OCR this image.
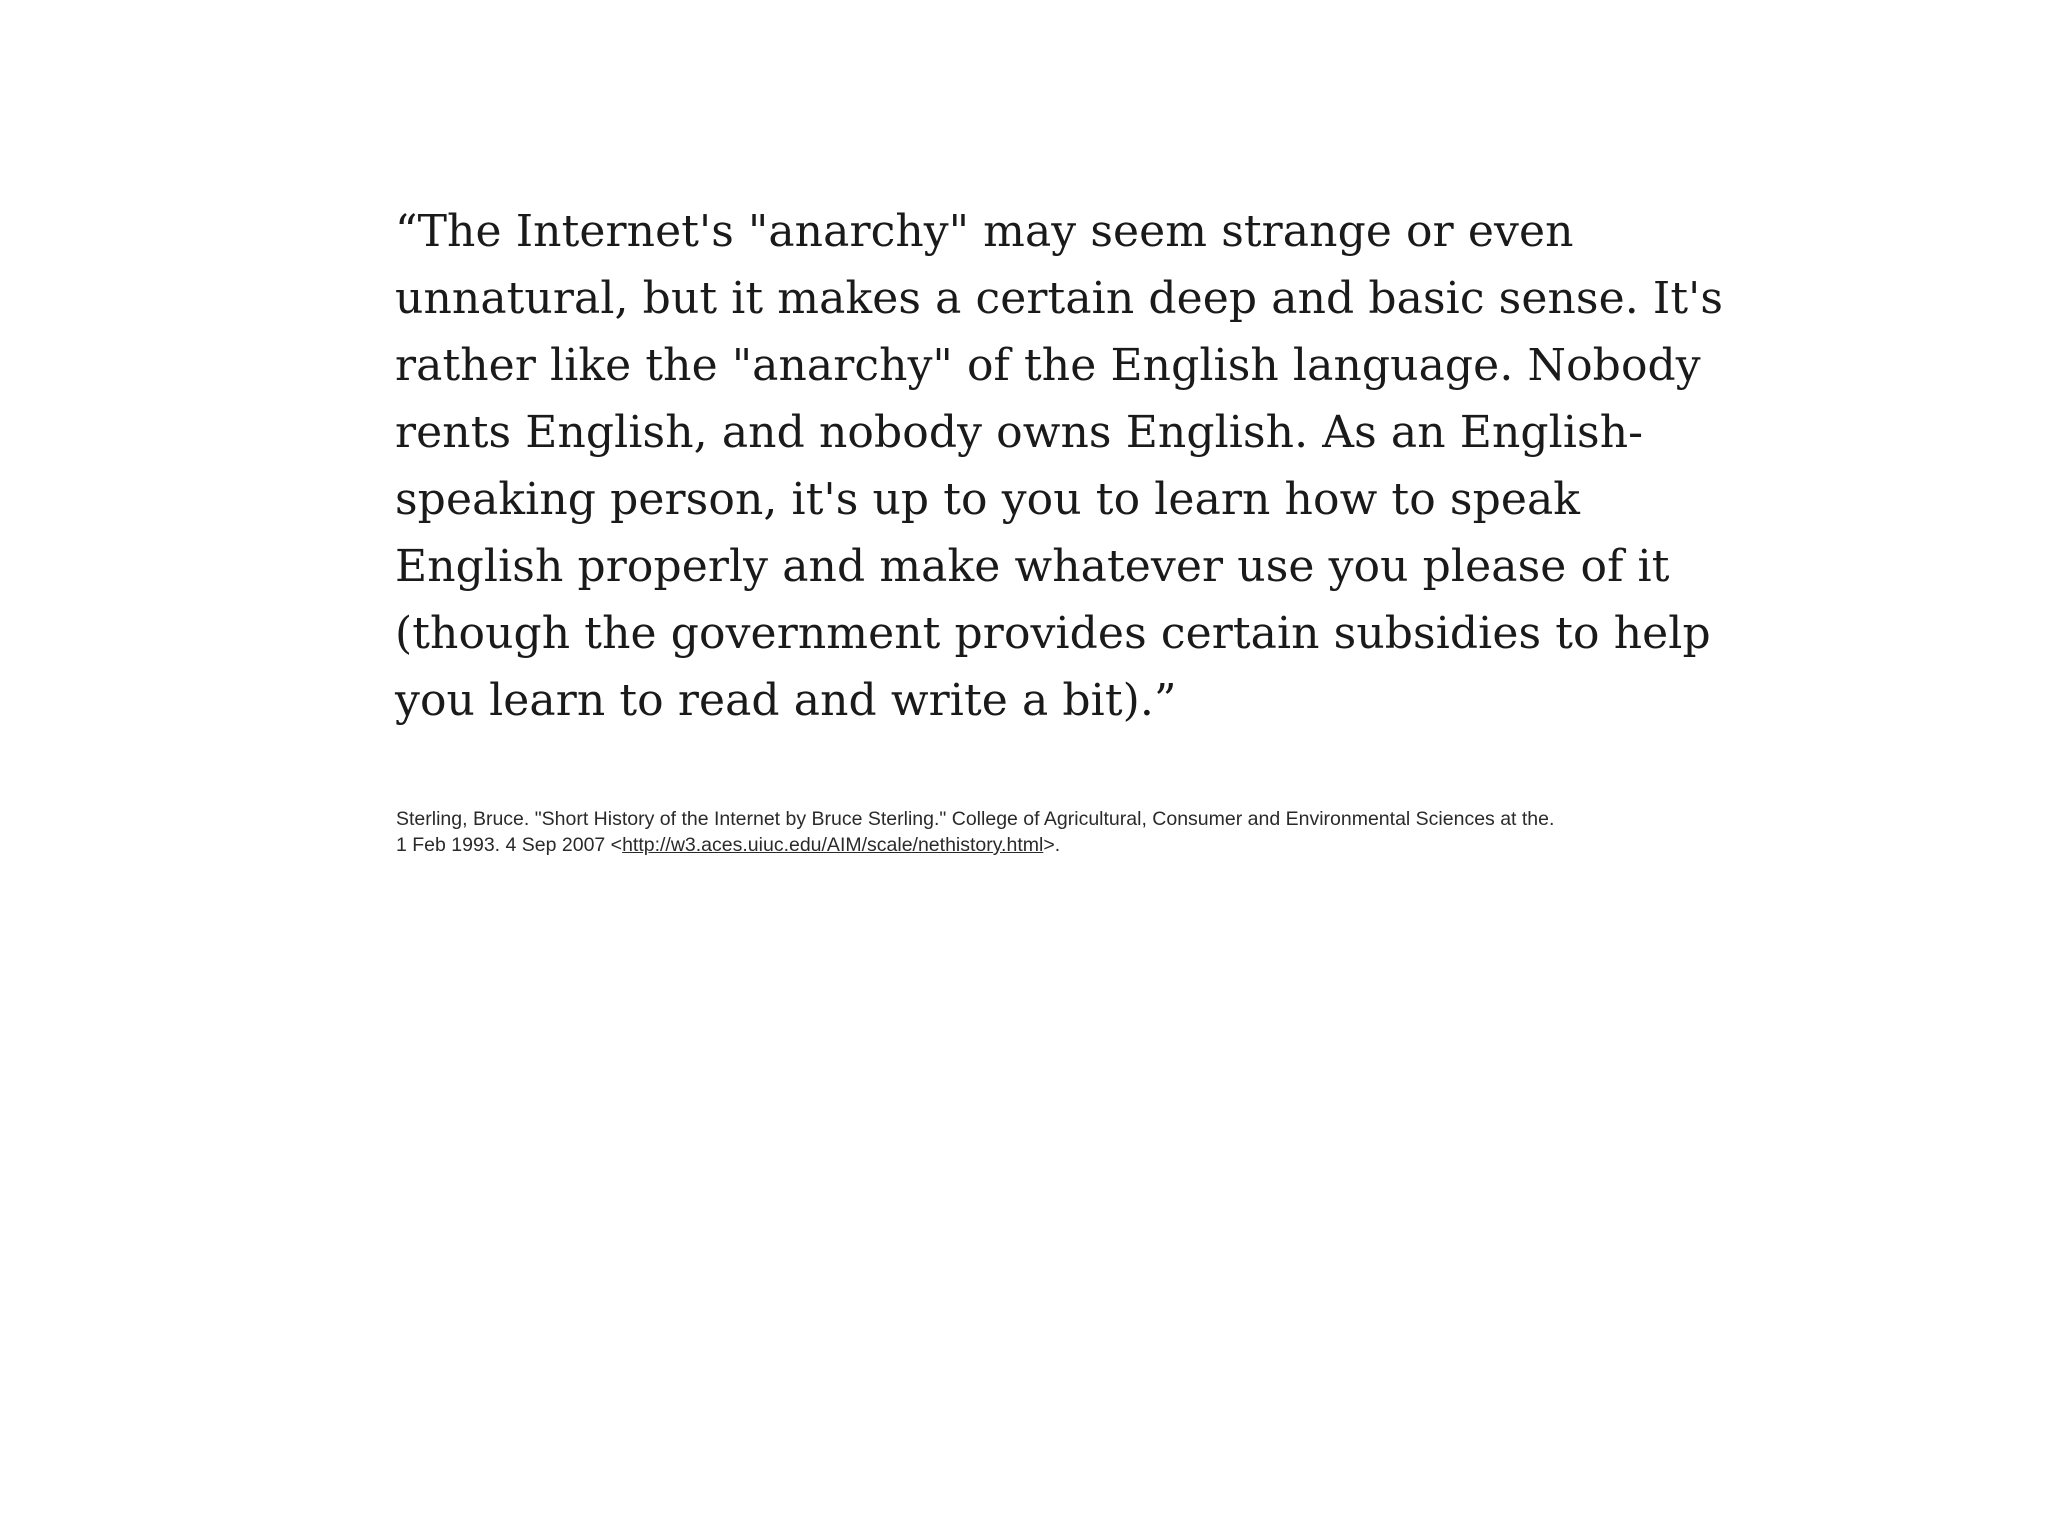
“The Internet's "anarchy" may seem strange or even
unnatural, but it makes a certain deep and basic sense. It's
rather like the "anarchy" of the English language. Nobody
rents English, and nobody owns English. As an English-
speaking person, it's up to you to learn how to speak
English properly and make whatever use you please of it
(though the government provides certain subsidies to help
you learn to read and write a bit).”

Sterling, Bruce. "Short History of the Internet by Bruce Sterling." College of Agricultural, Consumer and Environmental Sciences at the.
1 Feb 1993. 4 Sep 2007 <http://w3.aces.uiuc.edu/AIM/scale/nethistory.html>.
